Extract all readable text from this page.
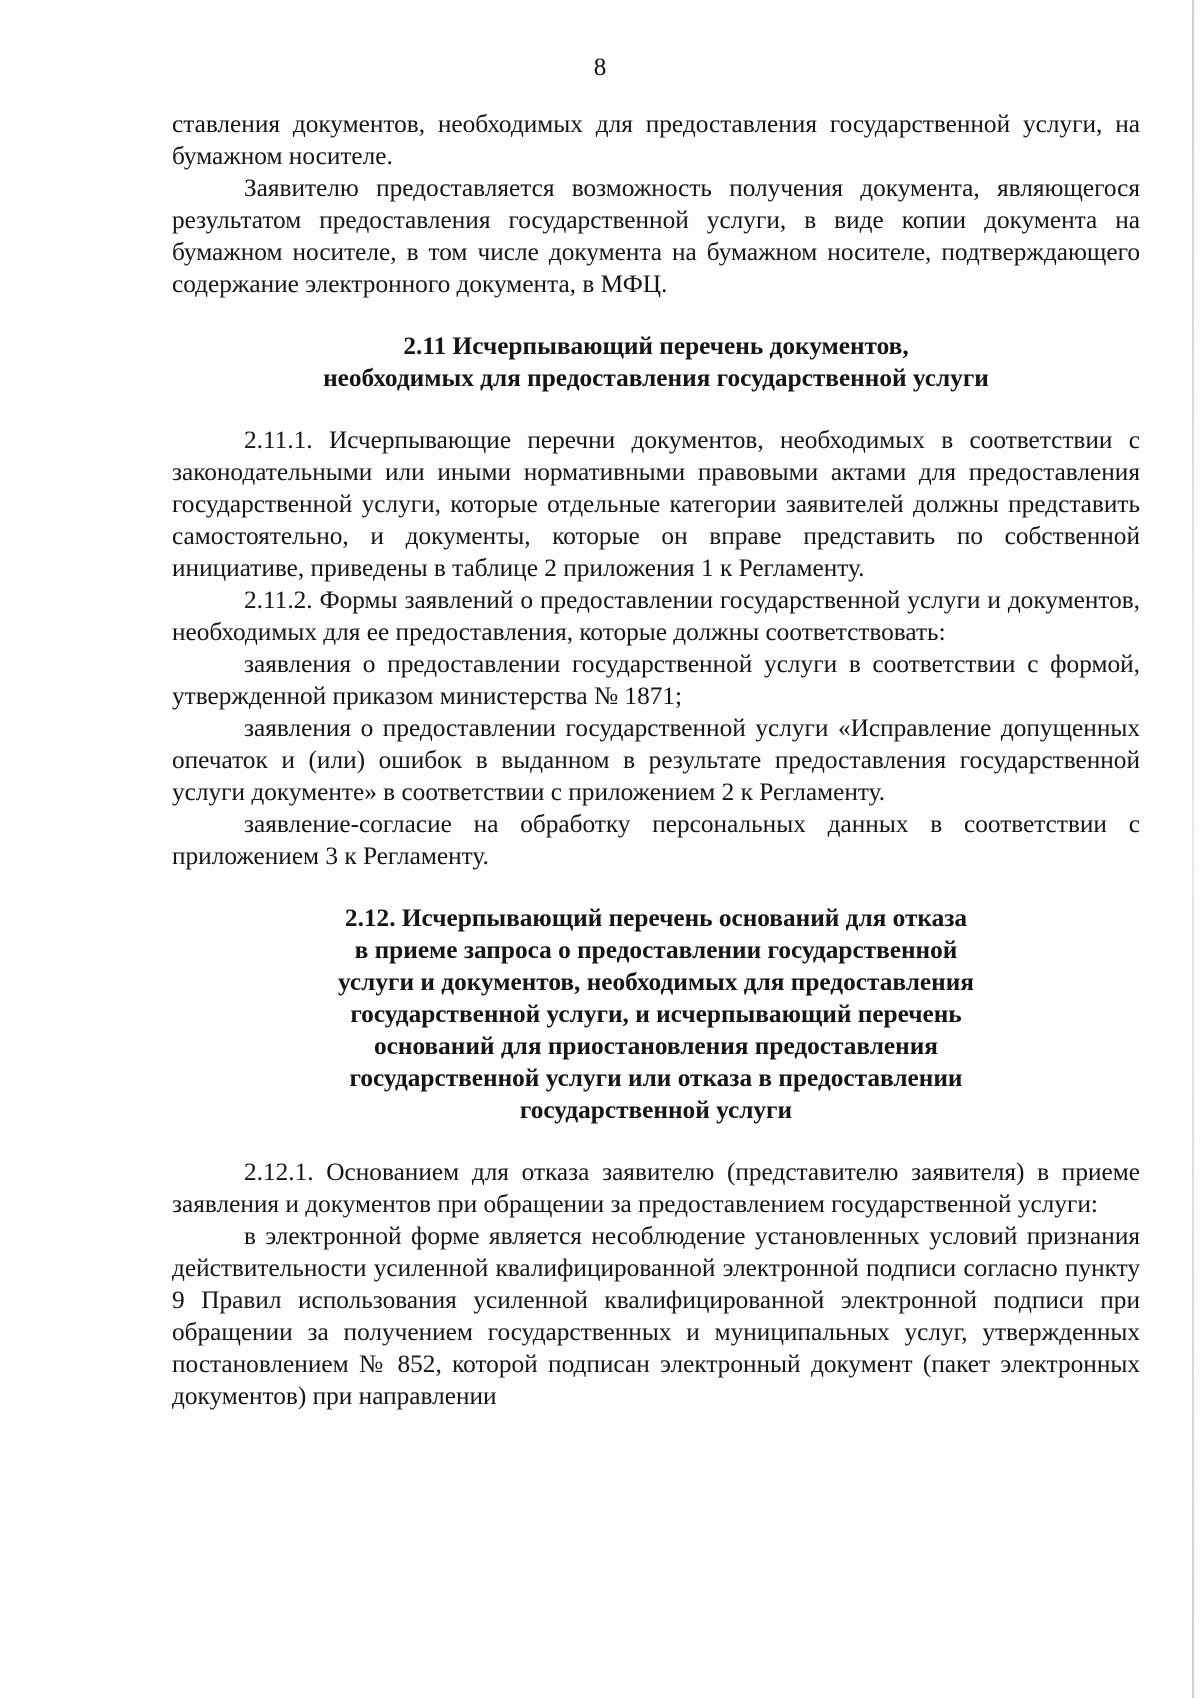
8

ставления документов, необходимых для предоставления государственной услуги, на бумажном носителе.

Заявителю предоставляется возможность получения документа, являющегося результатом предоставления государственной услуги, в виде копии документа на бумажном носителе, в том числе документа на бумажном носителе, подтверждающего содержание электронного документа, в МФЦ.

2.11 Исчерпывающий перечень документов,
необходимых для предоставления государственной услуги

2.11.1. Исчерпывающие перечни документов, необходимых в соответствии с законодательными или иными нормативными правовыми актами для предоставления государственной услуги, которые отдельные категории заявителей должны представить самостоятельно, и документы, которые он вправе представить по собственной инициативе, приведены в таблице 2 приложения 1 к Регламенту.

2.11.2. Формы заявлений о предоставлении государственной услуги и документов, необходимых для ее предоставления, которые должны соответствовать:

заявления о предоставлении государственной услуги в соответствии с формой, утвержденной приказом министерства № 1871;

заявления о предоставлении государственной услуги «Исправление допущенных опечаток и (или) ошибок в выданном в результате предоставления государственной услуги документе» в соответствии с приложением 2 к Регламенту.

заявление-согласие на обработку персональных данных в соответствии с приложением 3 к Регламенту.

2.12. Исчерпывающий перечень оснований для отказа
в приеме запроса о предоставлении государственной
услуги и документов, необходимых для предоставления
государственной услуги, и исчерпывающий перечень
оснований для приостановления предоставления
государственной услуги или отказа в предоставлении
государственной услуги

2.12.1. Основанием для отказа заявителю (представителю заявителя) в приеме заявления и документов при обращении за предоставлением государственной услуги:

в электронной форме является несоблюдение установленных условий признания действительности усиленной квалифицированной электронной подписи согласно пункту 9 Правил использования усиленной квалифицированной электронной подписи при обращении за получением государственных и муниципальных услуг, утвержденных постановлением № 852, которой подписан электронный документ (пакет электронных документов) при направлении
